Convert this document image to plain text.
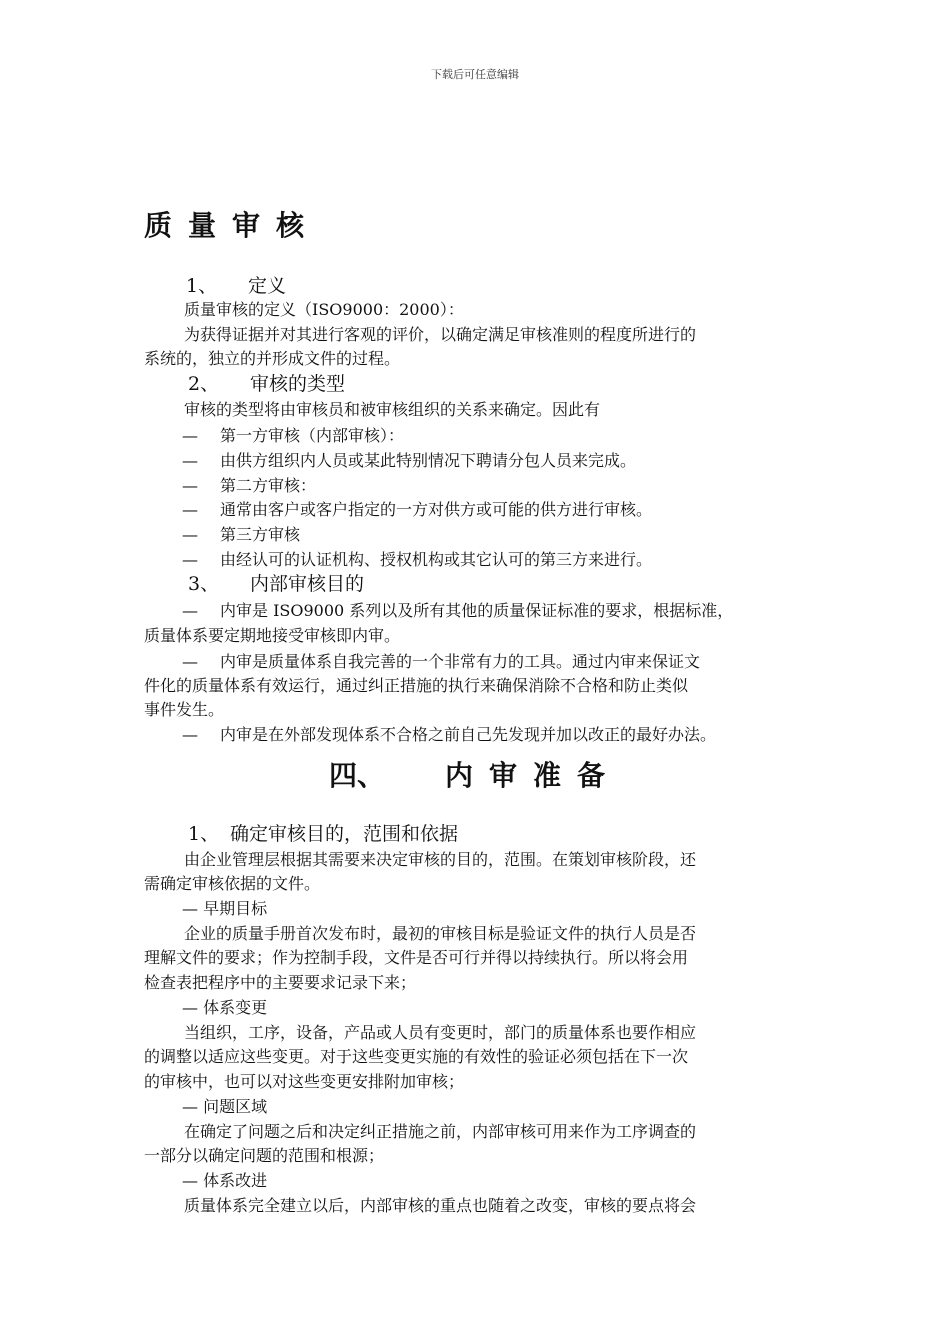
下载后可任意编辑
质量审核

1、 定义

质量审核的定义（ISO9000：2000）：

为获得证据并对其进行客观的评价，以确定满足审核准则的程度所进行的

系统的，独立的并形成文件的过程。

2、 审核的类型

审核的类型将由审核员和被审核组织的关系来确定。因此有

— 第一方审核（内部审核）：

— 由供方组织内人员或某此特别情况下聘请分包人员来完成。

— 第二方审核：

— 通常由客户或客户指定的一方对供方或可能的供方进行审核。

— 第三方审核

— 由经认可的认证机构、授权机构或其它认可的第三方来进行。

3、 内部审核目的

— 内审是 ISO9000 系列以及所有其他的质量保证标准的要求，根据标准，

质量体系要定期地接受审核即内审。

— 内审是质量体系自我完善的一个非常有力的工具。通过内审来保证文

件化的质量体系有效运行，通过纠正措施的执行来确保消除不合格和防止类似

事件发生。

— 内审是在外部发现体系不合格之前自己先发现并加以改正的最好办法。

四、 内审准备

1、 确定审核目的，范围和依据

由企业管理层根据其需要来决定审核的目的，范围。在策划审核阶段，还

需确定审核依据的文件。

— 早期目标

企业的质量手册首次发布时，最初的审核目标是验证文件的执行人员是否

理解文件的要求；作为控制手段，文件是否可行并得以持续执行。所以将会用

检查表把程序中的主要要求记录下来；

— 体系变更

当组织，工序，设备，产品或人员有变更时，部门的质量体系也要作相应

的调整以适应这些变更。对于这些变更实施的有效性的验证必须包括在下一次

的审核中，也可以对这些变更安排附加审核；

— 问题区域

在确定了问题之后和决定纠正措施之前，内部审核可用来作为工序调查的

一部分以确定问题的范围和根源；

— 体系改进

质量体系完全建立以后，内部审核的重点也随着之改变，审核的要点将会
